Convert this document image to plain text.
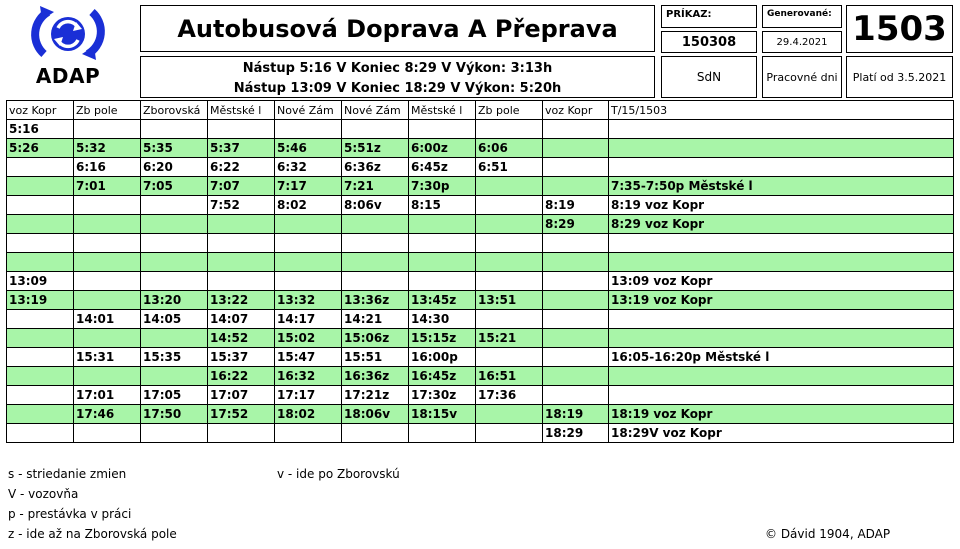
ADAP
Autobusová Doprava A Přeprava
Nástup 5:16 V Koniec 8:29 V Výkon: 3:13h
Nástup 13:09 V Koniec 18:29 V Výkon: 5:20h
PRÍKAZ:
150308
Generované:
29.4.2021 1503
SdN	Pracovné dni	Platí od 3.5.2021
voz Kopr	Zb pole	Zborovská	Městské l	Nové Zám	Nové Zám	Městské l	Zb pole	voz Kopr	T/15/1503
5:16									
5:26	5:32	5:35	5:37	5:46	5:51z	6:00z	6:06		
	6:16	6:20	6:22	6:32	6:36z	6:45z	6:51		
	7:01	7:05	7:07	7:17	7:21	7:30p			7:35-7:50p Městské l
			7:52	8:02	8:06v	8:15		8:19	8:19 voz Kopr
								8:29	8:29 voz Kopr

13:09									13:09 voz Kopr
13:19		13:20	13:22	13:32	13:36z	13:45z	13:51		13:19 voz Kopr
	14:01	14:05	14:07	14:17	14:21	14:30			
			14:52	15:02	15:06z	15:15z	15:21		
	15:31	15:35	15:37	15:47	15:51	16:00p			16:05-16:20p Městské l
			16:22	16:32	16:36z	16:45z	16:51		
	17:01	17:05	17:07	17:17	17:21z	17:30z	17:36		
	17:46	17:50	17:52	18:02	18:06v	18:15v		18:19	18:19 voz Kopr
								18:29	18:29V voz Kopr
s - striedanie zmien
V - vozovňa
p - prestávka v práci
z - ide až na Zborovská pole
v - ide po Zborovskú
© Dávid 1904, ADAP
